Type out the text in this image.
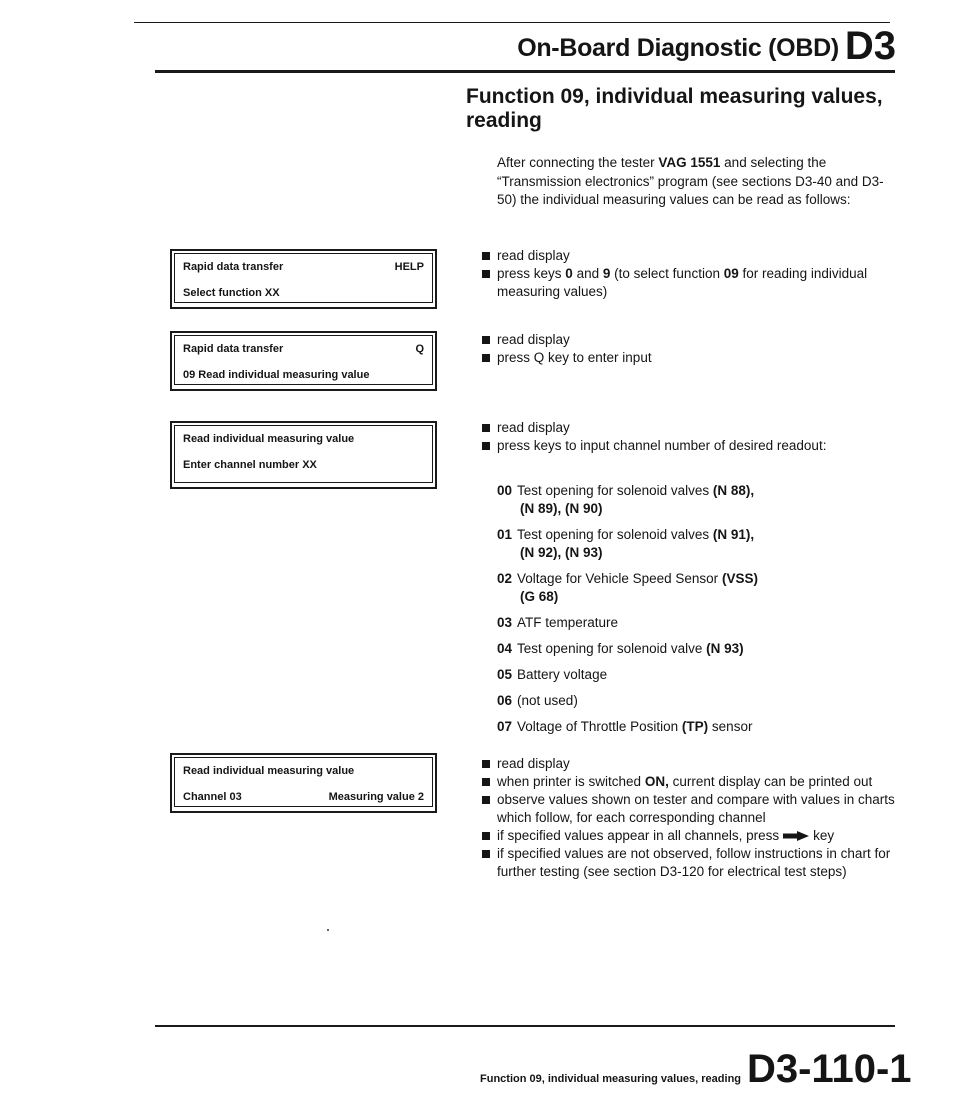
On-Board Diagnostic (OBD) D3
Function 09, individual measuring values, reading
After connecting the tester VAG 1551 and selecting the “Transmission electronics” program (see sections D3-40 and D3-50) the individual measuring values can be read as follows:
Rapid data transfer	HELP
Select function XX
Rapid data transfer	Q
09 Read individual measuring value
Read individual measuring value
Enter channel number XX
Read individual measuring value
Channel 03	Measuring value 2
read display
press keys 0 and 9 (to select function 09 for reading individual measuring values)
read display
press Q key to enter input
read display
press keys to input channel number of desired readout:
00 Test opening for solenoid valves (N 88),
(N 89), (N 90)
01 Test opening for solenoid valves (N 91),
(N 92), (N 93)
02 Voltage for Vehicle Speed Sensor (VSS)
(G 68)
03 ATF temperature
04 Test opening for solenoid valve (N 93)
05 Battery voltage
06 (not used)
07 Voltage of Throttle Position (TP) sensor
read display
when printer is switched ON, current display can be printed out
observe values shown on tester and compare with values in charts which follow, for each corresponding channel
if specified values appear in all channels, press	key
if specified values are not observed, follow instructions in chart for further testing (see section D3-120 for electrical test steps)
Function 09, individual measuring values, reading D3-110-1
